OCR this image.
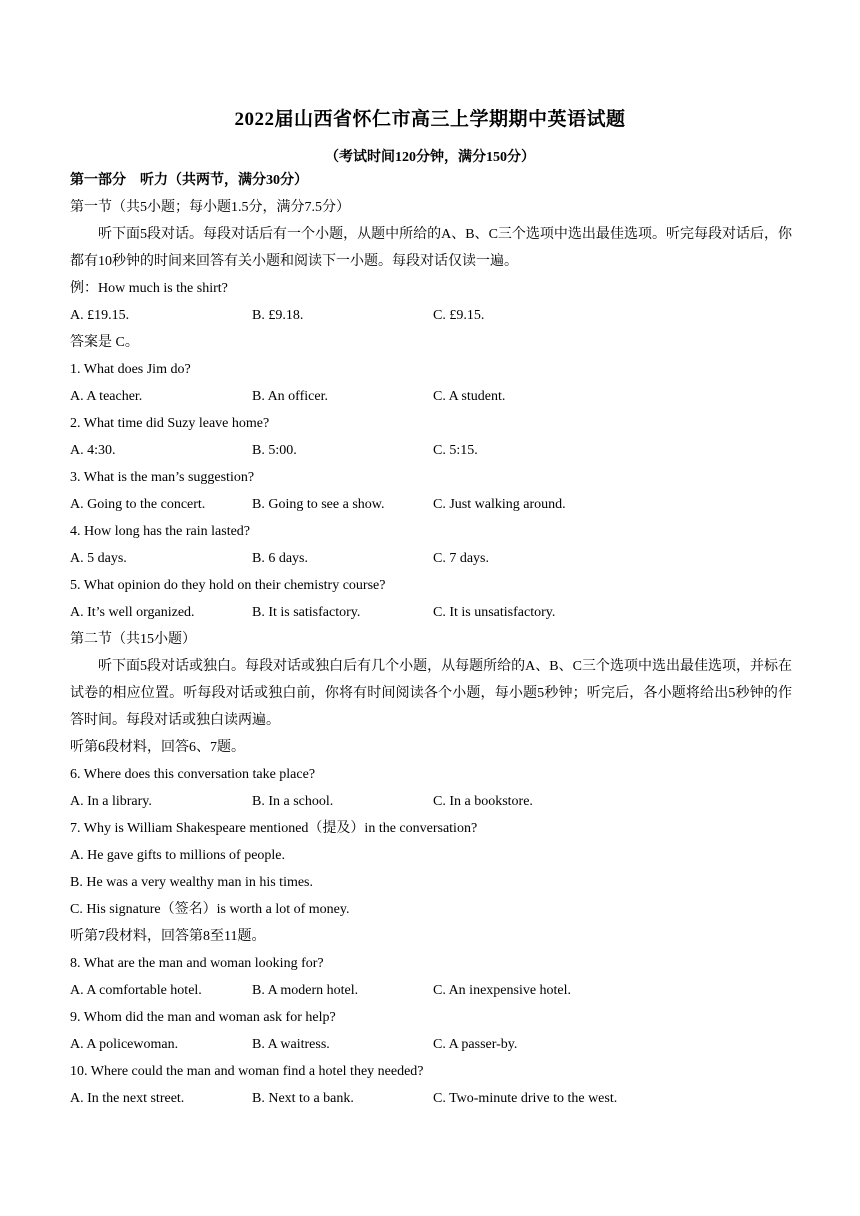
2022届山西省怀仁市高三上学期期中英语试题
（考试时间120分钟，满分150分）
第一部分　听力（共两节，满分30分）
第一节（共5小题；每小题1.5分，满分7.5分）
听下面5段对话。每段对话后有一个小题，从题中所给的A、B、C三个选项中选出最佳选项。听完每段对话后，你都有10秒钟的时间来回答有关小题和阅读下一小题。每段对话仅读一遍。
例：How much is the shirt?
A. £19.15.	B. £9.18.	C. £9.15.
答案是 C。
1. What does Jim do?
A. A teacher.	B. An officer.	C. A student.
2. What time did Suzy leave home?
A. 4:30.	B. 5:00.	C. 5:15.
3. What is the man’s suggestion?
A. Going to the concert.	B. Going to see a show.	C. Just walking around.
4. How long has the rain lasted?
A. 5 days.	B. 6 days.	C. 7 days.
5. What opinion do they hold on their chemistry course?
A. It’s well organized.	B. It is satisfactory.	C. It is unsatisfactory.
第二节（共15小题）
听下面5段对话或独白。每段对话或独白后有几个小题，从每题所给的A、B、C三个选项中选出最佳选项，并标在试卷的相应位置。听每段对话或独白前，你将有时间阅读各个小题，每小题5秒钟；听完后，各小题将给出5秒钟的作答时间。每段对话或独白读两遍。
听第6段材料，回答6、7题。
6. Where does this conversation take place?
A. In a library.	B. In a school.	C. In a bookstore.
7. Why is William Shakespeare mentioned（提及）in the conversation?
A. He gave gifts to millions of people.
B. He was a very wealthy man in his times.
C. His signature（签名）is worth a lot of money.
听第7段材料，回答第8至11题。
8. What are the man and woman looking for?
A. A comfortable hotel.	B. A modern hotel.	C. An inexpensive hotel.
9. Whom did the man and woman ask for help?
A. A policewoman.	B. A waitress.	C. A passer-by.
10. Where could the man and woman find a hotel they needed?
A. In the next street.	B. Next to a bank.	C. Two-minute drive to the west.
